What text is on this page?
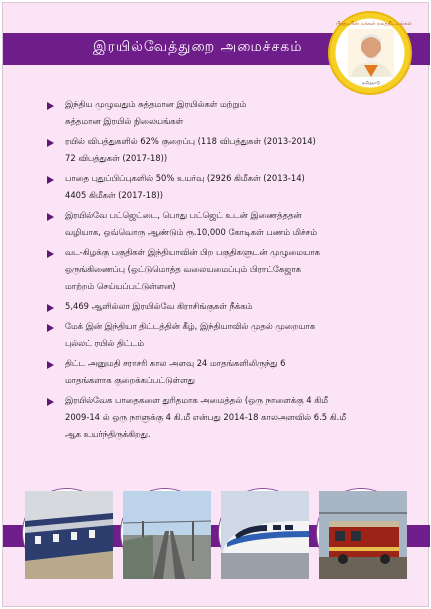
இரயில்வேத்துறை அமைச்சகம்
பிரதமரின் மக்கள் நலத்திட்டங்கள்
தமிழ்நாடு
இந்திய முழுவதும் சுத்தமான இரயில்கள் மற்றும்
சுத்தமான இரயில் நிலையங்கள்
ரயில் விபத்துகளில் 62% குறைப்பு (118 விபத்துகள் (2013-2014)
72 விபத்துகள் (2017-18))
பாதை புதுப்பிப்புகளில் 50% உயர்வு (2926 கிமீகள் (2013-14)
4405 கிமீகள் (2017-18))
இரயில்வே பட்ஜெட்டை, பொது பட்ஜெட் உடன் இணைத்ததன்
வழியாக, ஒவ்வொரு ஆண்டும் ரூ.10,000 கோடிகள் பணம் மிச்சம்
வட-கிழக்கு பகுதிகள் இந்தியாவின் பிற பகுதிகளுடன் முழுமையாக
ஒருங்கிணைப்பு (ஒட்டுமொத்த வலையமைப்பும் பிராட்கேஜாக
மாற்றம் செய்யப்பட்டுள்ளன)
5,469 ஆளில்லா இரயில்வே கிராசிங்குகள் நீக்கம்
மேக் இன் இந்தியா திட்டத்தின் கீழ், இந்தியாவில் முதல் முறையாக
புல்லட் ரயில் திட்டம்
திட்ட அனுமதி சராசரி கால அளவு 24 மாதங்களிலிருந்து 6
மாதங்களாக குறைக்கப்பட்டுள்ளது
இரயில்வேக பாதைகளை துரிதமாக அமைத்தல் (ஒரு நாளைக்கு 4 கிமீ
2009-14 ல் ஒரு நாளுக்கு 4 கி.மீ என்பது 2014-18 காலஅளவில் 6.5 கி.மீ
ஆக உயர்ந்திருக்கிறது.
